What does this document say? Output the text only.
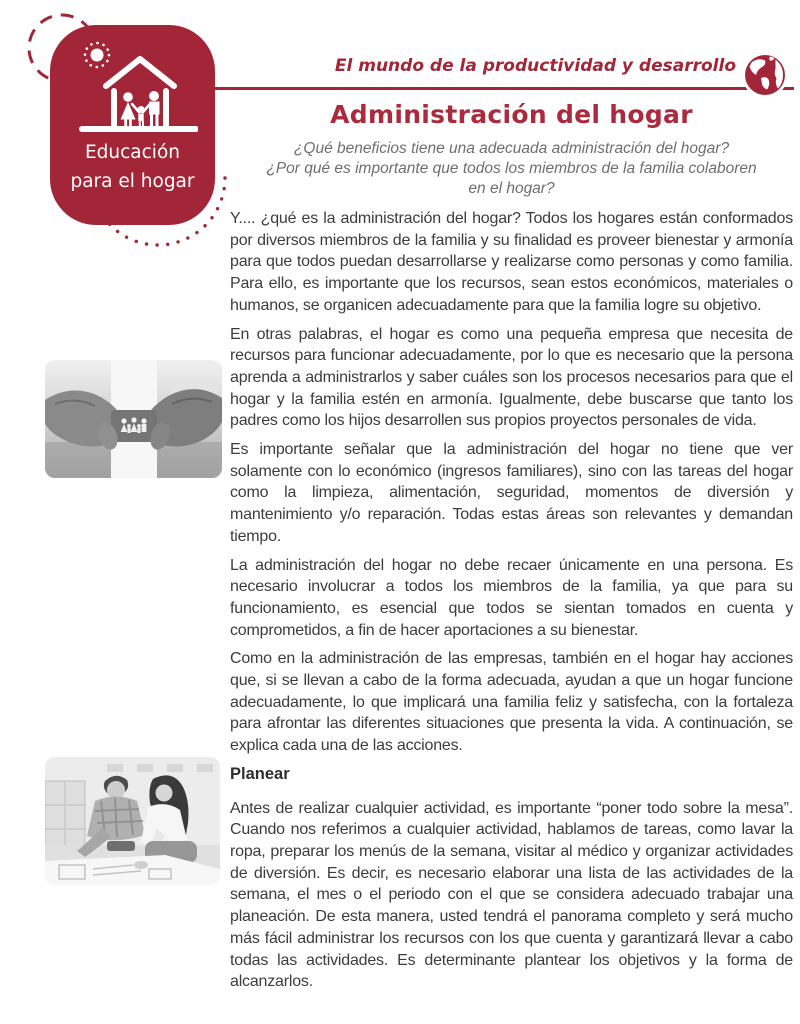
Educación
para el hogar
El mundo de la productividad y desarrollo
Administración del hogar
¿Qué beneficios tiene una adecuada administración del hogar?
¿Por qué es importante que todos los miembros de la familia colaboren
en el hogar?

Y.... ¿qué es la administración del hogar? Todos los hogares están conformados por diversos miembros de la familia y su finalidad es proveer bienestar y armonía para que todos puedan desarrollarse y realizarse como personas y como familia. Para ello, es importante que los recursos, sean estos económicos, materiales o humanos, se organicen adecuadamente para que la familia logre su objetivo.

En otras palabras, el hogar es como una pequeña empresa que necesita de recursos para funcionar adecuadamente, por lo que es necesario que la persona aprenda a administrarlos y saber cuáles son los procesos necesarios para que el hogar y la familia estén en armonía. Igualmente, debe buscarse que tanto los padres como los hijos desarrollen sus propios proyectos personales de vida.

Es importante señalar que la administración del hogar no tiene que ver solamente con lo económico (ingresos familiares), sino con las tareas del hogar como la limpieza, alimentación, seguridad, momentos de diversión y mantenimiento y/o reparación. Todas estas áreas son relevantes y demandan tiempo.

La administración del hogar no debe recaer únicamente en una persona. Es necesario involucrar a todos los miembros de la familia, ya que para su funcionamiento, es esencial que todos se sientan tomados en cuenta y comprometidos, a fin de hacer aportaciones a su bienestar.

Como en la administración de las empresas, también en el hogar hay acciones que, si se llevan a cabo de la forma adecuada, ayudan a que un hogar funcione adecuadamente, lo que implicará una familia feliz y satisfecha, con la fortaleza para afrontar las diferentes situaciones que presenta la vida. A continuación, se explica cada una de las acciones.

Planear

Antes de realizar cualquier actividad, es importante “poner todo sobre la mesa”. Cuando nos referimos a cualquier actividad, hablamos de tareas, como lavar la ropa, preparar los menús de la semana, visitar al médico y organizar actividades de diversión. Es decir, es necesario elaborar una lista de las actividades de la semana, el mes o el periodo con el que se considera adecuado trabajar una planeación. De esta manera, usted tendrá el panorama completo y será mucho más fácil administrar los recursos con los que cuenta y garantizará llevar a cabo todas las actividades. Es determinante plantear los objetivos y la forma de alcanzarlos.
